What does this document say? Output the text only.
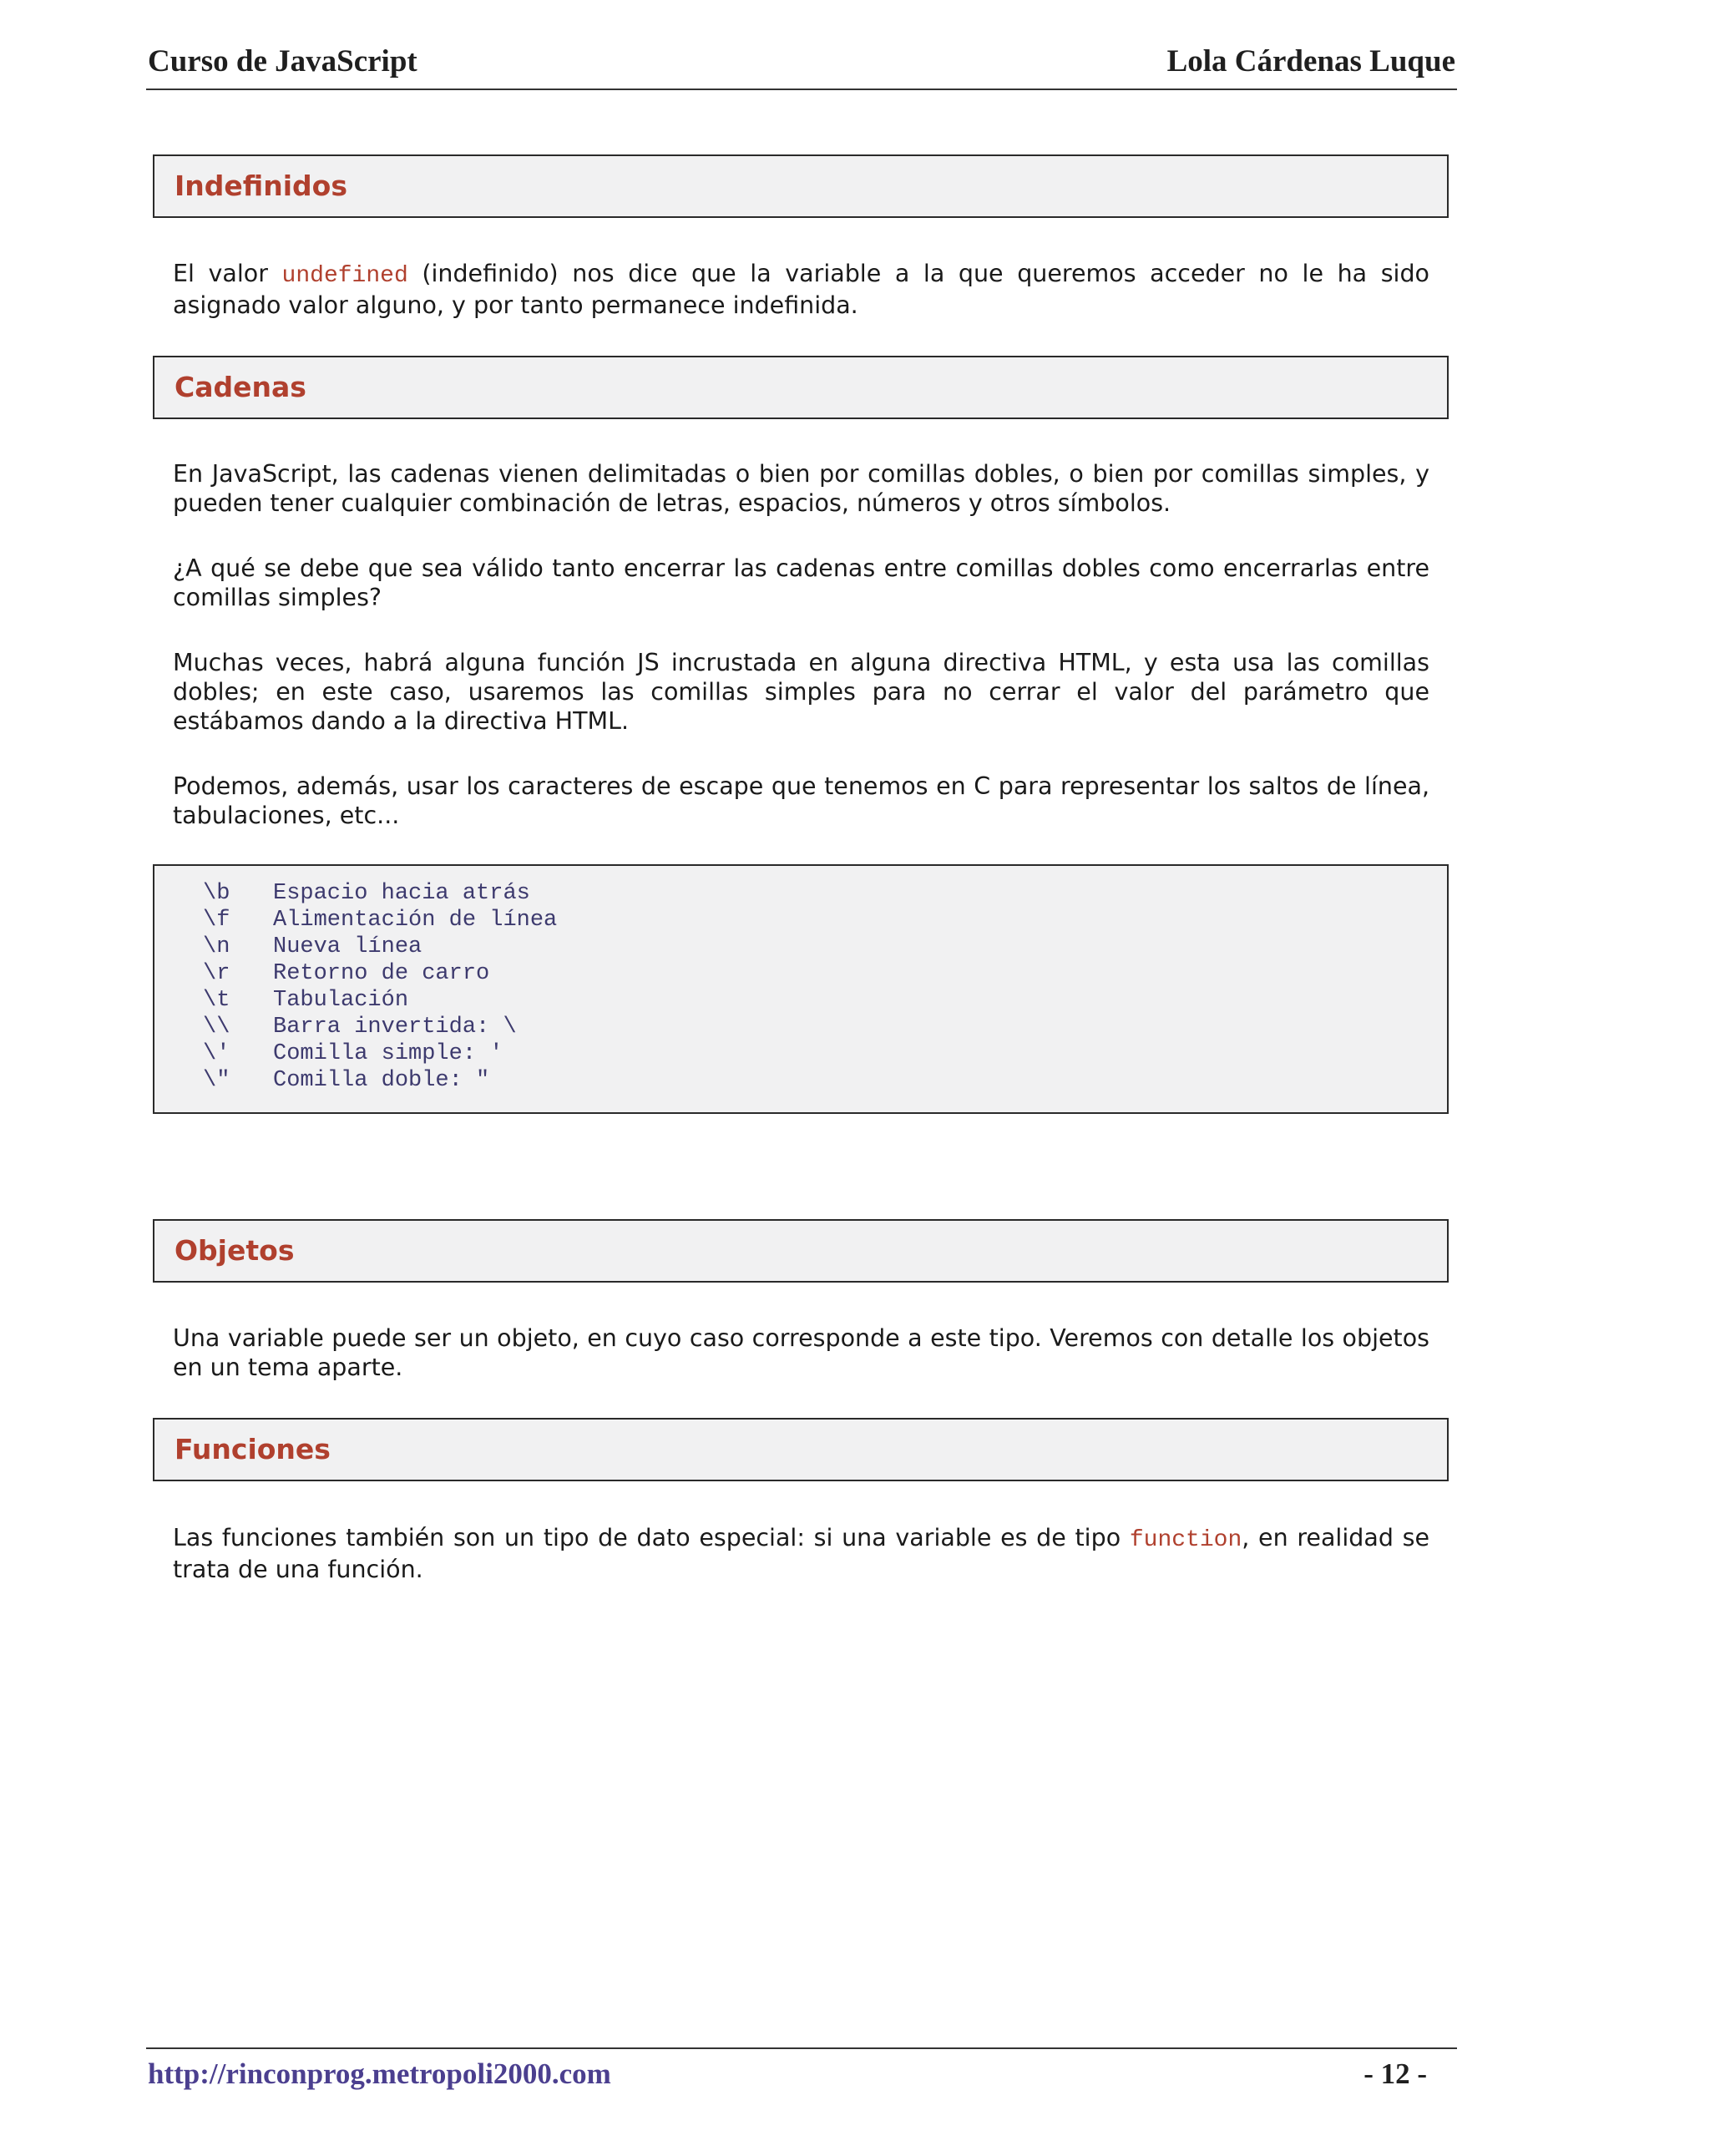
Curso de JavaScript	Lola Cárdenas Luque
Indefinidos

El valor undefined (indefinido) nos dice que la variable a la que queremos acceder no le ha sido asignado valor alguno, y por tanto permanece indefinida.

Cadenas

En JavaScript, las cadenas vienen delimitadas o bien por comillas dobles, o bien por comillas simples, y pueden tener cualquier combinación de letras, espacios, números y otros símbolos.

¿A qué se debe que sea válido tanto encerrar las cadenas entre comillas dobles como encerrarlas entre comillas simples?

Muchas veces, habrá alguna función JS incrustada en alguna directiva HTML, y esta usa las comillas dobles; en este caso, usaremos las comillas simples para no cerrar el valor del parámetro que estábamos dando a la directiva HTML.

Podemos, además, usar los caracteres de escape que tenemos en C para representar los saltos de línea, tabulaciones, etc...

\b Espacio hacia atrás
\f Alimentación de línea
\n Nueva línea
\r Retorno de carro
\t Tabulación
\\ Barra invertida: \
\' Comilla simple: '
\" Comilla doble: "
Objetos

Una variable puede ser un objeto, en cuyo caso corresponde a este tipo. Veremos con detalle los objetos en un tema aparte.

Funciones

Las funciones también son un tipo de dato especial: si una variable es de tipo function, en realidad se trata de una función.

http://rinconprog.metropoli2000.com	- 12 -
